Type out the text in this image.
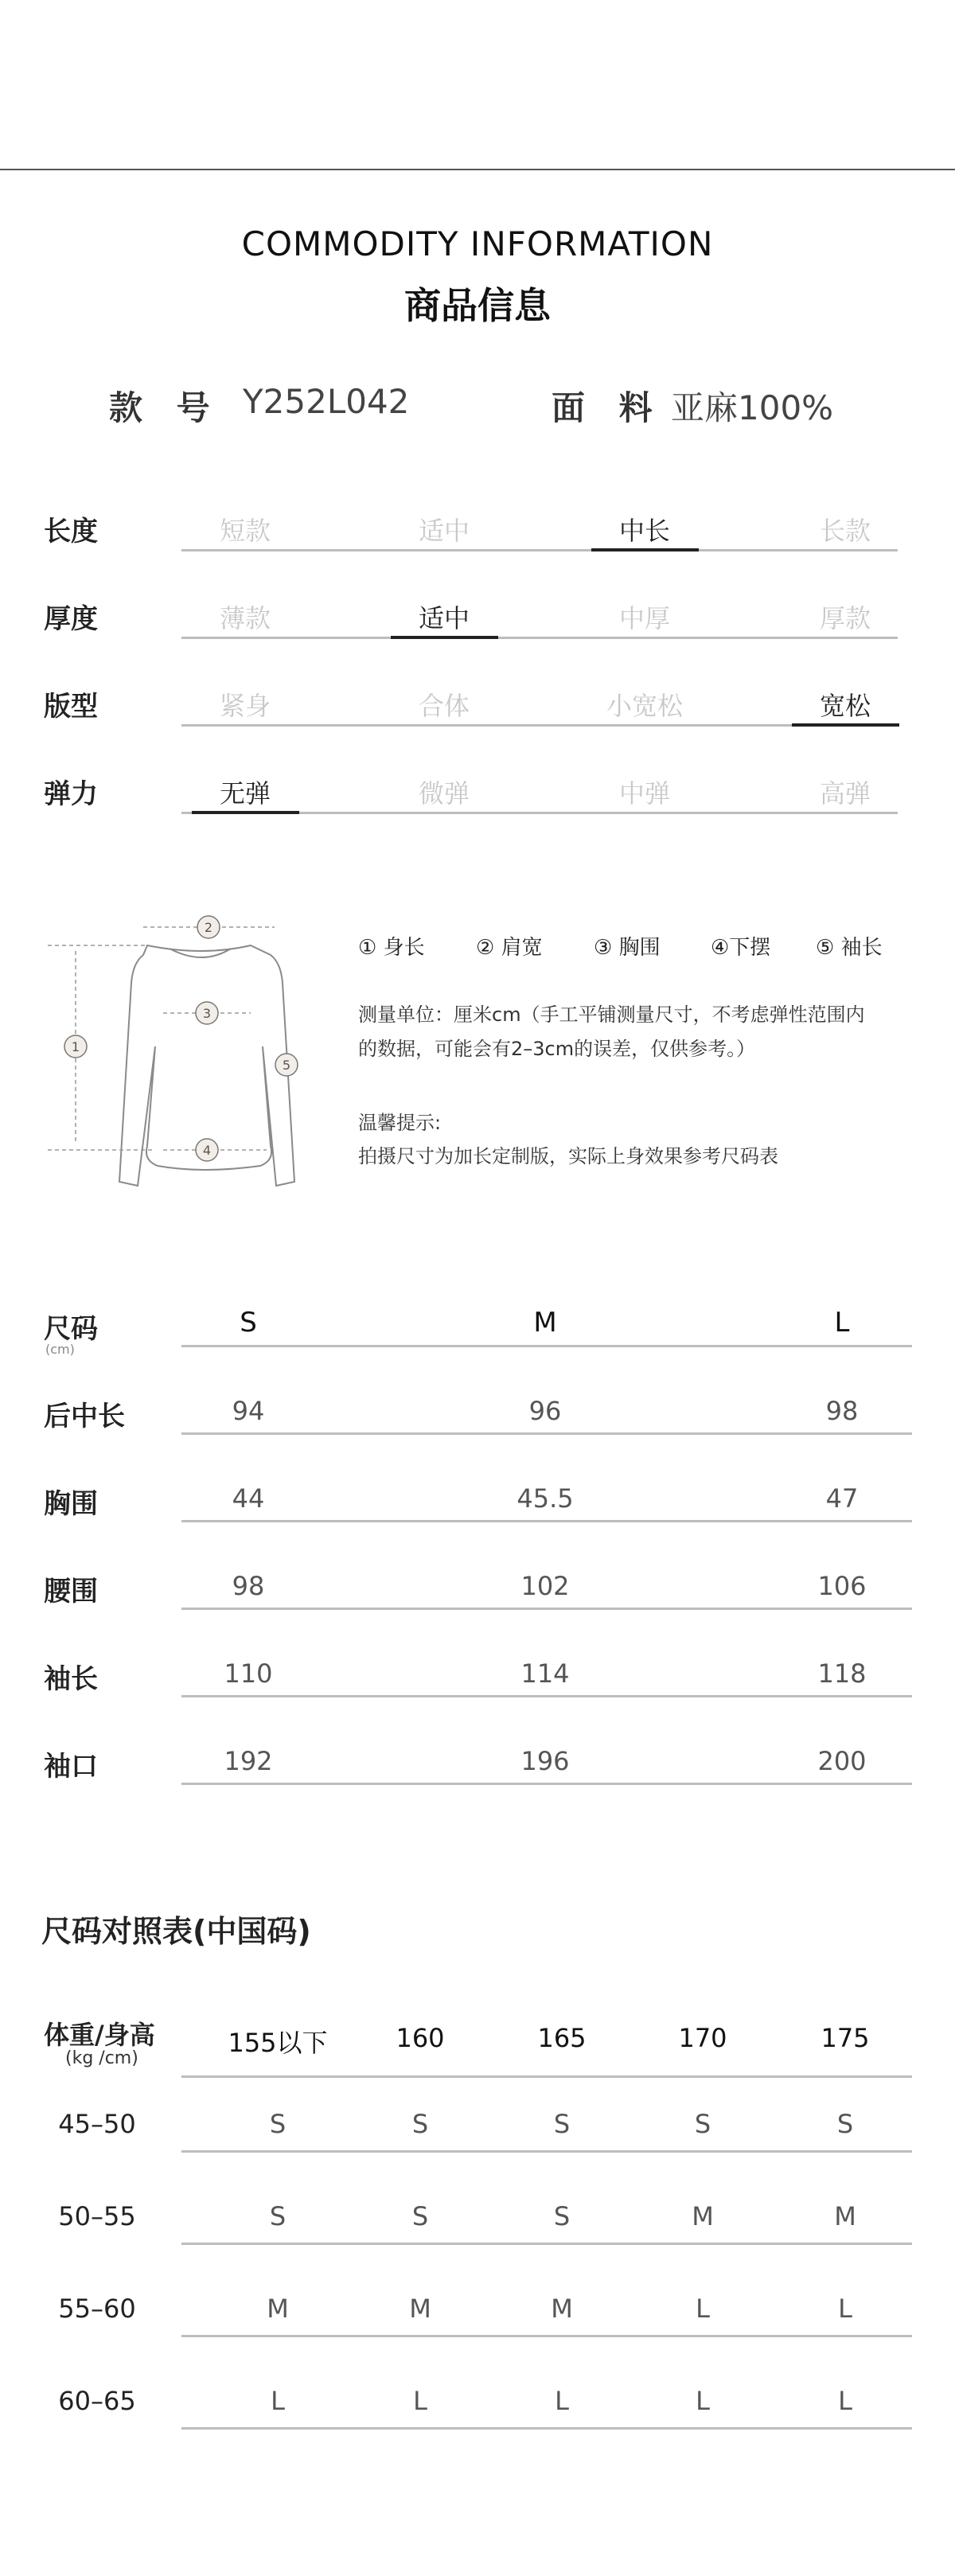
COMMODITY INFORMATION
商品信息
款 号 Y252L042	面 料 亚麻100%
长度	短款	适中	中长	长款
厚度	薄款	适中	中厚	厚款
版型	紧身	合体	小宽松	宽松
弹力	无弹	微弹	中弹	高弹
1
2
3
4
5
① 身长 ② 肩宽 ③ 胸围 ④下摆 ⑤ 袖长
测量单位：厘米cm（手工平铺测量尺寸，不考虑弹性范围内
的数据，可能会有2–3cm的误差，仅供参考。）
温馨提示:
拍摄尺寸为加长定制版，实际上身效果参考尺码表
尺码
(cm)
S	M	L
后中长	94	96	98
胸围	44	45.5	47
腰围	98	102	106
袖长	110	114	118
袖口	192	196	200
尺码对照表(中国码)
体重/身高
(kg /cm)
155以下	160	165	170	175
45–50	S	S	S	S	S
50–55	S	S	S	M	M
55–60	M	M	M	L	L
60–65	L	L	L	L	L
